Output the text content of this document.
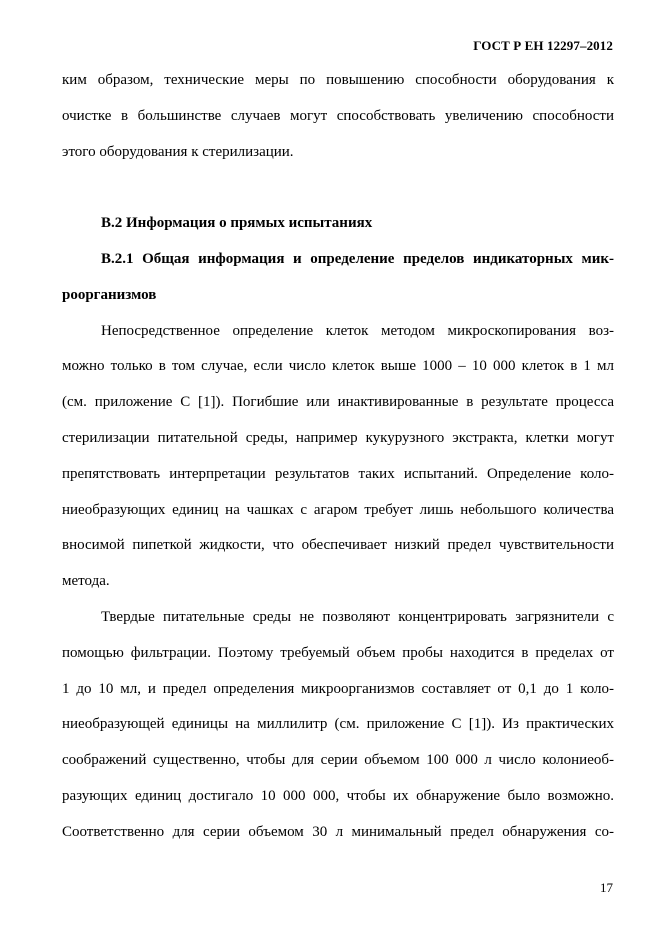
ГОСТ Р ЕН 12297–2012
ким образом, технические меры по повышению способности оборудования к
очистке в большинстве случаев могут способствовать увеличению способности
этого оборудования к стерилизации.
В.2 Информация о прямых испытаниях
В.2.1 Общая информация и определение пределов индикаторных мик-
роорганизмов
Непосредственное определение клеток методом микроскопирования воз-
можно только в том случае, если число клеток выше 1000 – 10 000 клеток в 1 мл
(см. приложение С [1]). Погибшие или инактивированные в результате процесса
стерилизации питательной среды, например кукурузного экстракта, клетки могут
препятствовать интерпретации результатов таких испытаний. Определение коло-
ниеобразующих единиц на чашках с агаром требует лишь небольшого количества
вносимой пипеткой жидкости, что обеспечивает низкий предел чувствительности
метода.
Твердые питательные среды не позволяют концентрировать загрязнители с
помощью фильтрации. Поэтому требуемый объем пробы находится в пределах от
1 до 10 мл, и предел определения микроорганизмов составляет от 0,1 до 1 коло-
ниеобразующей единицы на миллилитр (см. приложение С [1]). Из практических
соображений существенно, чтобы для серии объемом 100 000 л число колониеоб-
разующих единиц достигало 10 000 000, чтобы их обнаружение было возможно.
Соответственно для серии объемом 30 л минимальный предел обнаружения со-
17
